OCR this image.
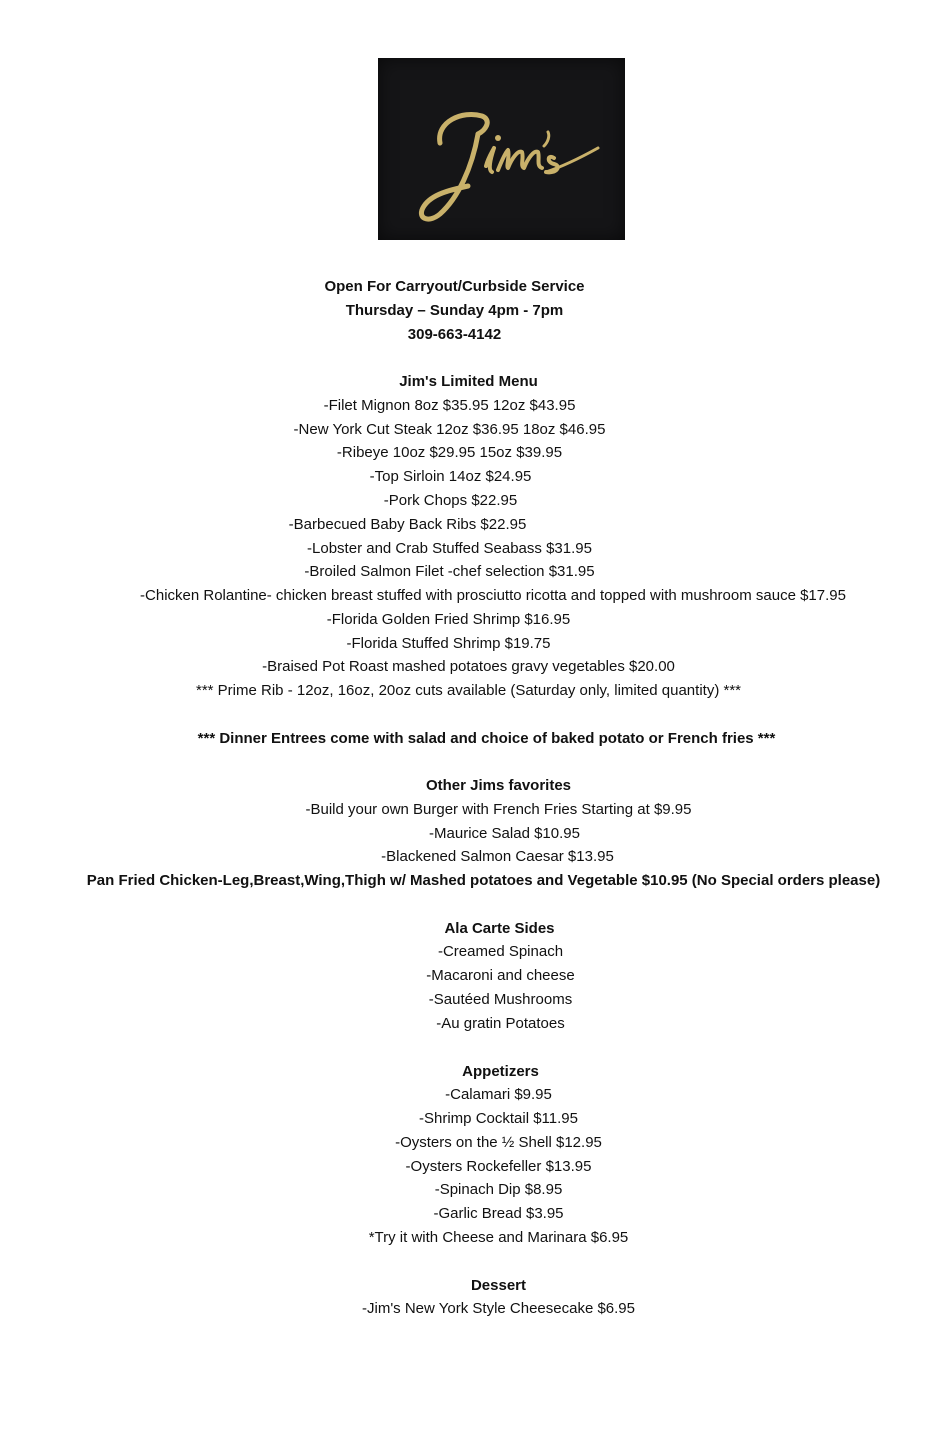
Open For Carryout/Curbside Service
Thursday – Sunday 4pm - 7pm
309-663-4142
Jim's Limited Menu
-Filet Mignon 8oz $35.95 12oz $43.95
-New York Cut Steak 12oz $36.95 18oz $46.95
-Ribeye 10oz $29.95 15oz $39.95
-Top Sirloin 14oz $24.95
-Pork Chops $22.95
-Barbecued Baby Back Ribs $22.95
-Lobster and Crab Stuffed Seabass $31.95
-Broiled Salmon Filet -chef selection $31.95
-Chicken Rolantine- chicken breast stuffed with prosciutto ricotta and topped with mushroom sauce $17.95
-Florida Golden Fried Shrimp $16.95
-Florida Stuffed Shrimp $19.75
-Braised Pot Roast mashed potatoes gravy vegetables $20.00
*** Prime Rib - 12oz, 16oz, 20oz cuts available (Saturday only, limited quantity) ***
*** Dinner Entrees come with salad and choice of baked potato or French fries ***
Other Jims favorites
-Build your own Burger with French Fries Starting at $9.95
-Maurice Salad $10.95
-Blackened Salmon Caesar $13.95
Pan Fried Chicken-Leg,Breast,Wing,Thigh w/ Mashed potatoes and Vegetable $10.95 (No Special orders please)
Ala Carte Sides
-Creamed Spinach
-Macaroni and cheese
-Sautéed Mushrooms
-Au gratin Potatoes
Appetizers
-Calamari $9.95
-Shrimp Cocktail $11.95
-Oysters on the ½ Shell $12.95
-Oysters Rockefeller $13.95
-Spinach Dip $8.95
-Garlic Bread $3.95
*Try it with Cheese and Marinara $6.95
Dessert
-Jim's New York Style Cheesecake $6.95
